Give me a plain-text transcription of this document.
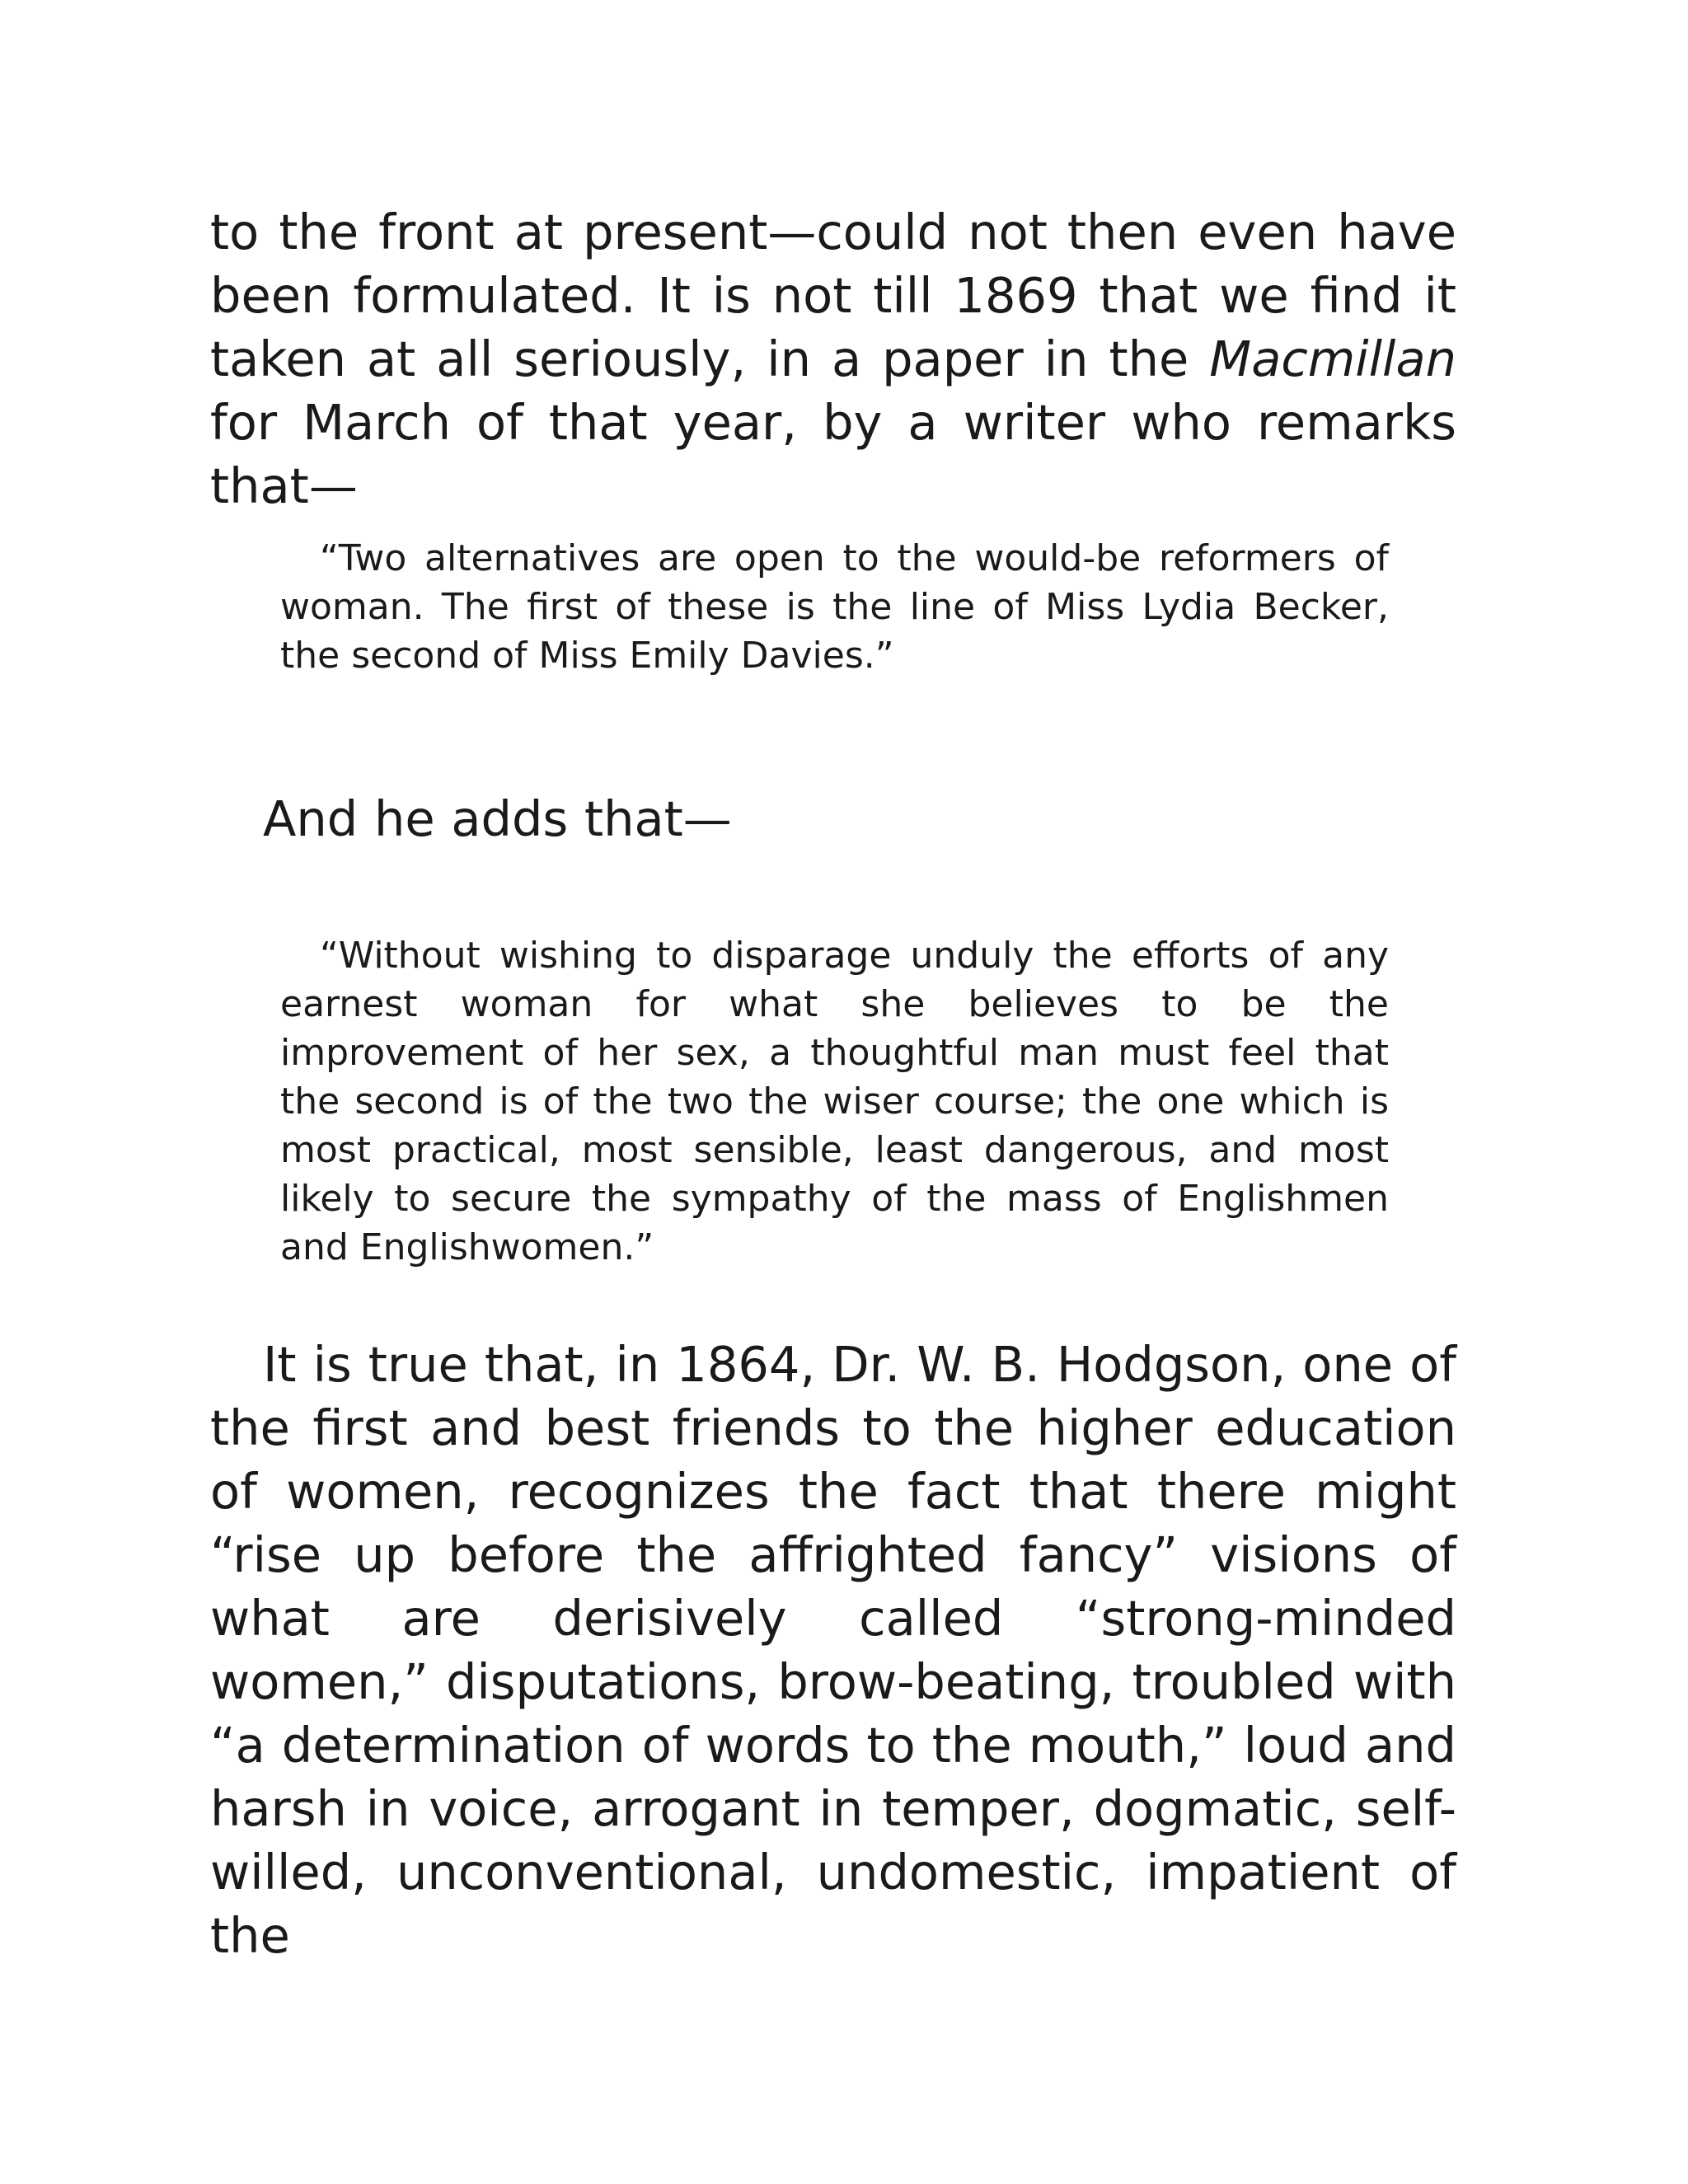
to the front at present—could not then even have been formulated. It is not till 1869 that we find it taken at all seriously, in a paper in the Macmillan for March of that year, by a writer who remarks that—

“Two alternatives are open to the would-be reformers of woman. The first of these is the line of Miss Lydia Becker, the second of Miss Emily Davies.”

And he adds that—

“Without wishing to disparage unduly the efforts of any earnest woman for what she believes to be the improvement of her sex, a thoughtful man must feel that the second is of the two the wiser course; the one which is most practical, most sensible, least dangerous, and most likely to secure the sympathy of the mass of Englishmen and Englishwomen.”

It is true that, in 1864, Dr. W. B. Hodgson, one of the first and best friends to the higher education of women, recognizes the fact that there might “rise up before the affrighted fancy” visions of what are derisively called “strong-minded women,” disputations, brow-beating, troubled with “a determination of words to the mouth,” loud and harsh in voice, arrogant in temper, dogmatic, self-willed, unconventional, undomestic, impatient of the
